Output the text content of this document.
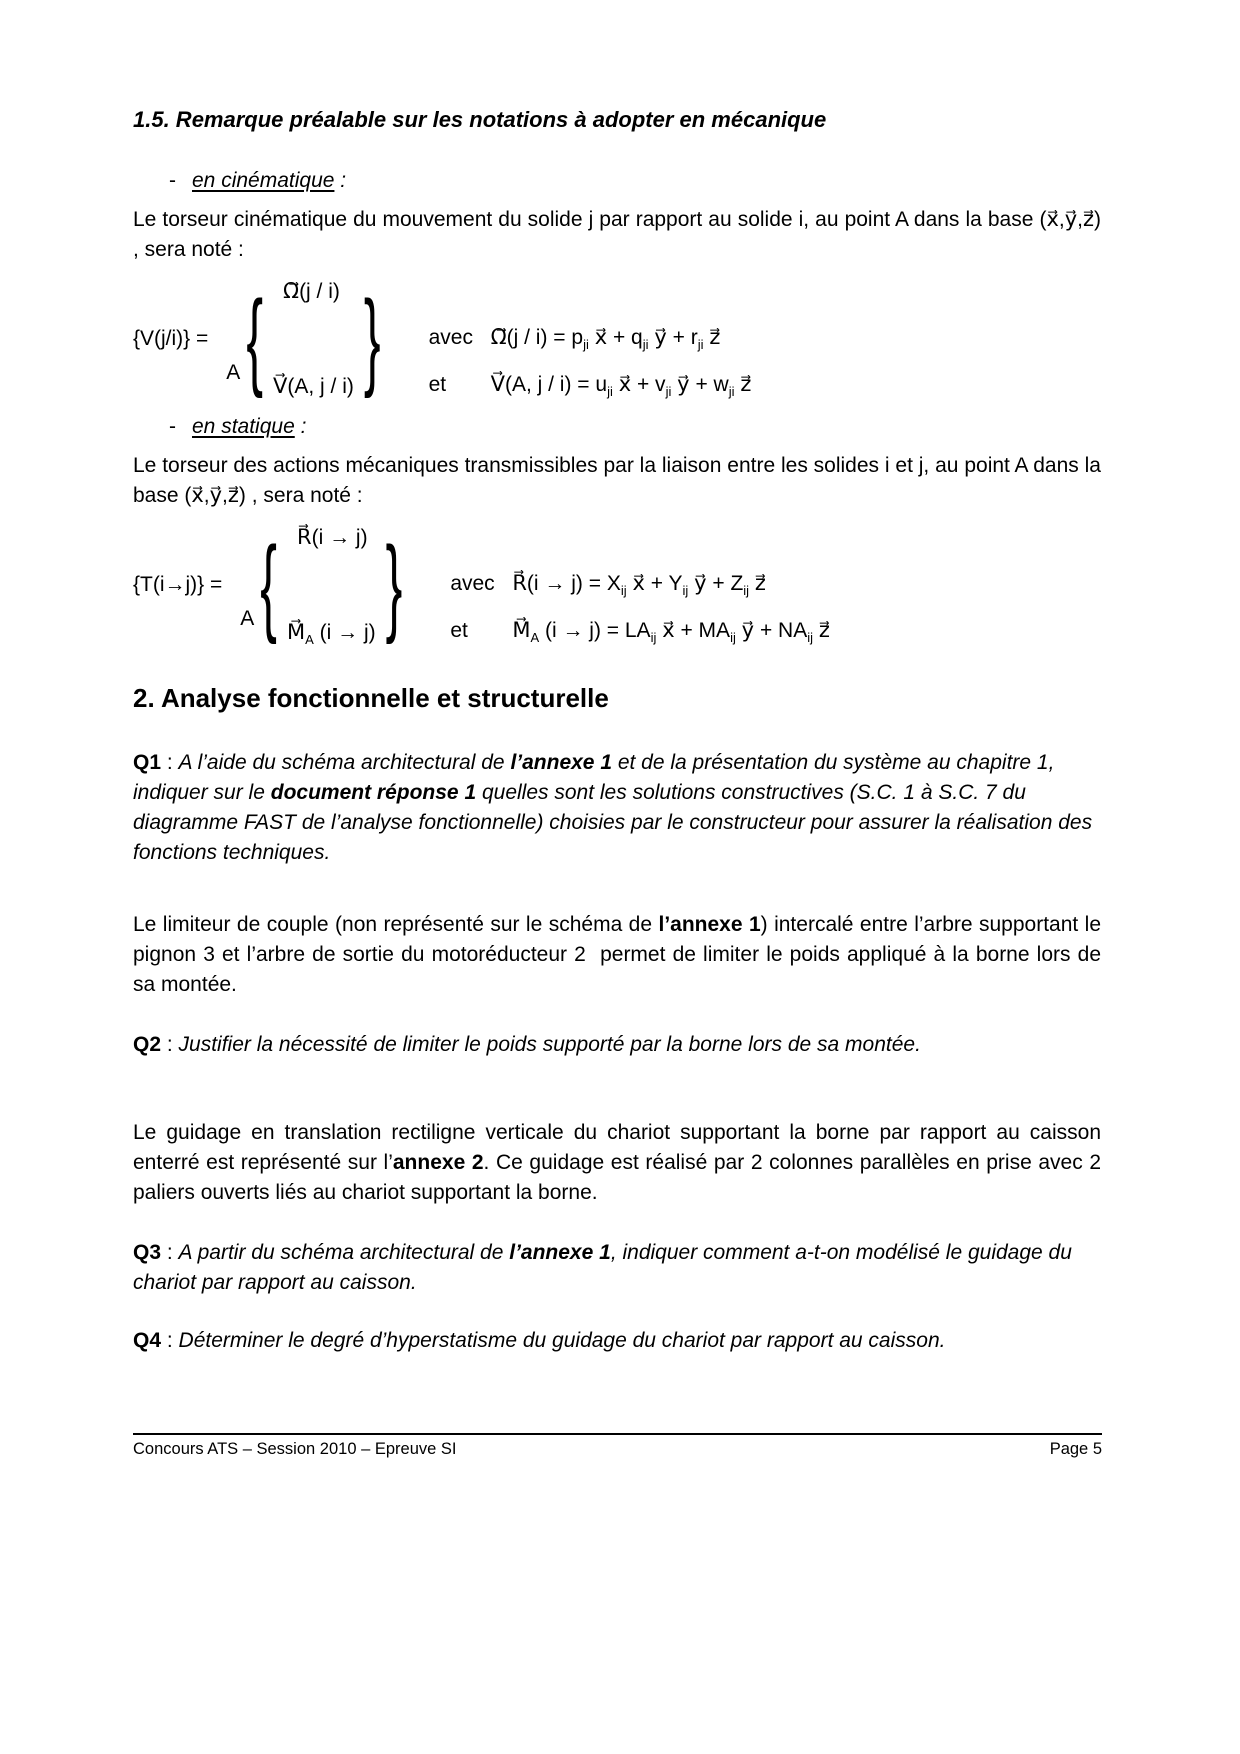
1.5. Remarque préalable sur les notations à adopter en mécanique
- en cinématique :

Le torseur cinématique du mouvement du solide j par rapport au solide i, au point A dans la base (x⃗,y⃗,z⃗) , sera noté :

{V(j/i)} =
A { Ω⃗(j / i)
V⃗(A, j / i) } avec Ω⃗(j / $i) = p_{ji}$ x⃗ + $q_{ji}$ y⃗ + $r_{ji}$ z⃗
et V⃗(A, $j / i) = u_{ji}$ x⃗ + $v_{ji}$ y⃗ + $w_{ji}$ z⃗
- en statique :

Le torseur des actions mécaniques transmissibles par la liaison entre les solides i et j, au point A dans la base (x⃗,y⃗,z⃗) , sera noté :

{T(i→j)} =
A { R⃗(i → j)
$M⃗_A$ (i → j) } avec R⃗(i → $j) = X_{ij}$ x⃗ + $Y_{ij}$ y⃗ + $Z_{ij}$ z⃗
et $M⃗_A$ $(i \to j) = LA_{ij}$ x⃗ + $MA_{ij}$ y⃗ + $NA_{ij}$ z⃗
2. Analyse fonctionnelle et structurelle

Q1 : A l’aide du schéma architectural de l’annexe 1 et de la présentation du système au chapitre 1, indiquer sur le document réponse 1 quelles sont les solutions constructives (S.C. 1 à S.C. 7 du diagramme FAST de l’analyse fonctionnelle) choisies par le constructeur pour assurer la réalisation des fonctions techniques.

Le limiteur de couple (non représenté sur le schéma de l’annexe 1) intercalé entre l’arbre supportant le pignon 3 et l’arbre de sortie du motoréducteur 2  permet de limiter le poids appliqué à la borne lors de sa montée.

Q2 : Justifier la nécessité de limiter le poids supporté par la borne lors de sa montée.

Le guidage en translation rectiligne verticale du chariot supportant la borne par rapport au caisson enterré est représenté sur l’annexe 2. Ce guidage est réalisé par 2 colonnes parallèles en prise avec 2 paliers ouverts liés au chariot supportant la borne.

Q3 : A partir du schéma architectural de l’annexe 1, indiquer comment a-t-on modélisé le guidage du chariot par rapport au caisson.

Q4 : Déterminer le degré d’hyperstatisme du guidage du chariot par rapport au caisson.

Concours ATS – Session 2010 – Epreuve SI	Page 5
